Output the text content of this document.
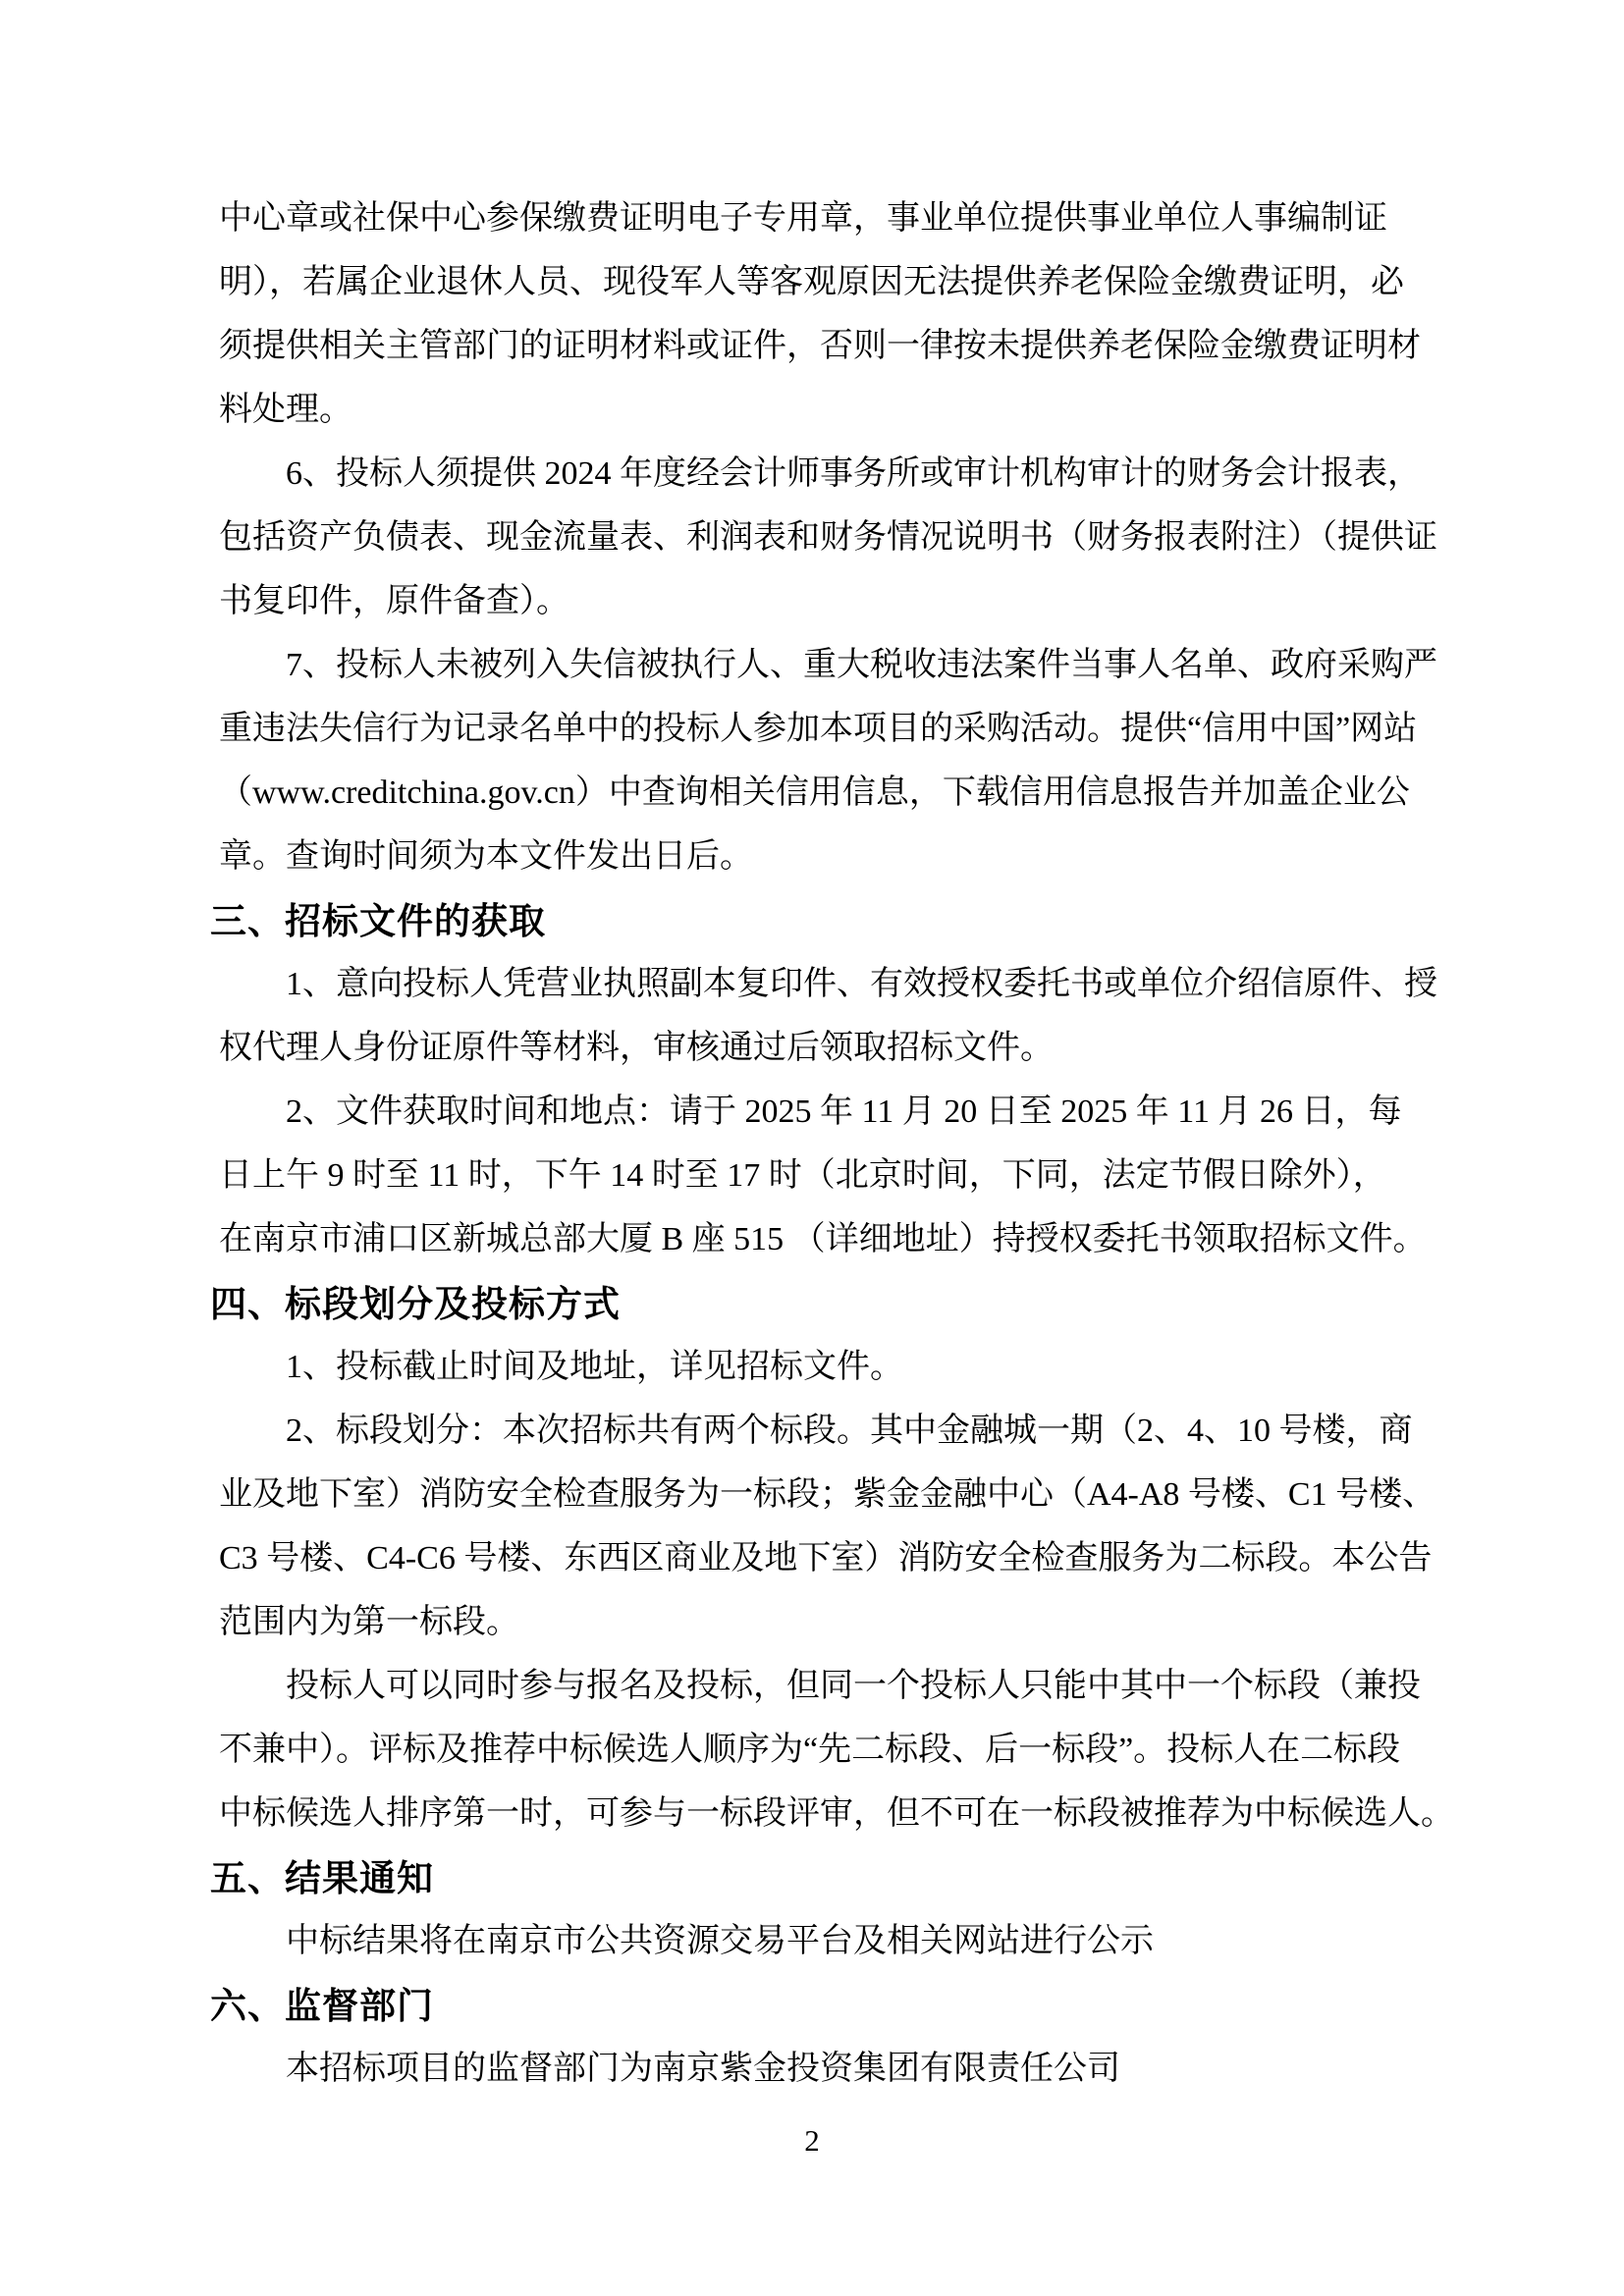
中心章或社保中心参保缴费证明电子专用章，事业单位提供事业单位人事编制证
明），若属企业退休人员、现役军人等客观原因无法提供养老保险金缴费证明，必
须提供相关主管部门的证明材料或证件，否则一律按未提供养老保险金缴费证明材
料处理。
6、投标人须提供 2024 年度经会计师事务所或审计机构审计的财务会计报表，
包括资产负债表、现金流量表、利润表和财务情况说明书（财务报表附注）（提供证
书复印件，原件备查）。
7、投标人未被列入失信被执行人、重大税收违法案件当事人名单、政府采购严
重违法失信行为记录名单中的投标人参加本项目的采购活动。提供“信用中国”网站
（www.creditchina.gov.cn）中查询相关信用信息，下载信用信息报告并加盖企业公
章。查询时间须为本文件发出日后。
三、招标文件的获取
1、意向投标人凭营业执照副本复印件、有效授权委托书或单位介绍信原件、授
权代理人身份证原件等材料，审核通过后领取招标文件。
2、文件获取时间和地点：请于 2025 年 11 月 20 日至 2025 年 11 月 26 日，每
日上午 9 时至 11 时，下午 14 时至 17 时（北京时间，下同，法定节假日除外），
在南京市浦口区新城总部大厦 B 座 515 （详细地址）持授权委托书领取招标文件。
四、标段划分及投标方式
1、投标截止时间及地址，详见招标文件。
2、标段划分：本次招标共有两个标段。其中金融城一期（2、4、10 号楼，商
业及地下室）消防安全检查服务为一标段；紫金金融中心（A4-A8 号楼、C1 号楼、
C3 号楼、C4-C6 号楼、东西区商业及地下室）消防安全检查服务为二标段。本公告
范围内为第一标段。
投标人可以同时参与报名及投标，但同一个投标人只能中其中一个标段（兼投
不兼中）。评标及推荐中标候选人顺序为“先二标段、后一标段”。投标人在二标段
中标候选人排序第一时，可参与一标段评审，但不可在一标段被推荐为中标候选人。
五、结果通知
中标结果将在南京市公共资源交易平台及相关网站进行公示
六、监督部门
本招标项目的监督部门为南京紫金投资集团有限责任公司
2
